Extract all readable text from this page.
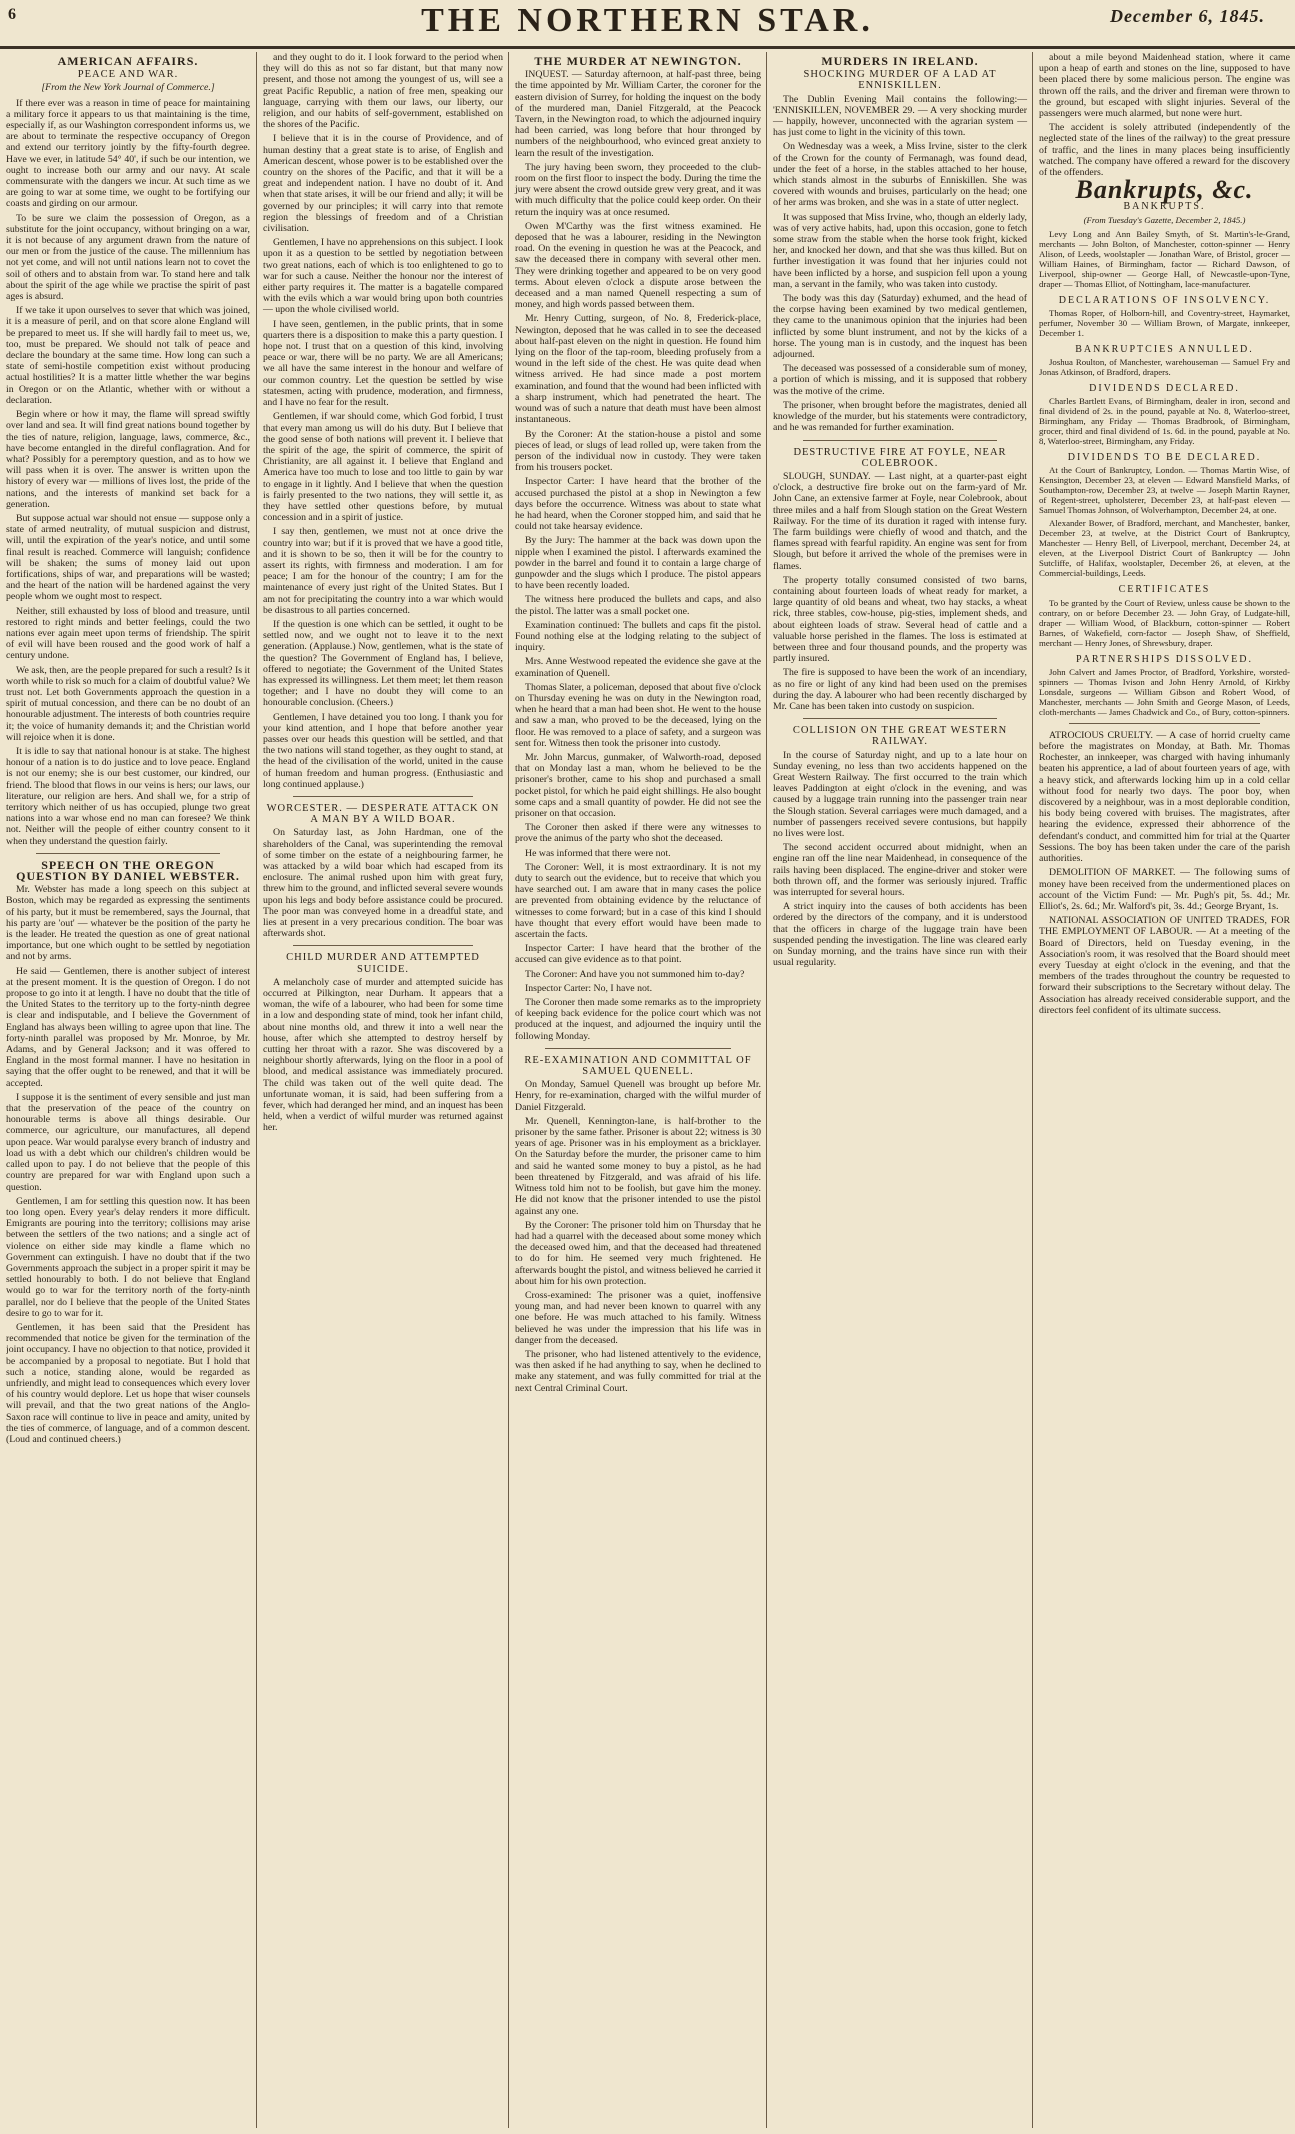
6	THE NORTHERN STAR.	December 6, 1845.
AMERICAN AFFAIRS.
PEACE AND WAR.

[From the New York Journal of Commerce.]

If there ever was a reason in time of peace for maintaining a military force it appears to us that maintaining is the time, especially if, as our Washington correspondent informs us, we are about to terminate the respective occupancy of Oregon and extend our territory jointly by the fifty-fourth degree. Have we ever, in latitude 54° 40', if such be our intention, we ought to increase both our army and our navy. At scale commensurate with the dangers we incur. At such time as we are going to war at some time, we ought to be fortifying our coasts and girding on our armour.

To be sure we claim the possession of Oregon, as a substitute for the joint occupancy, without bringing on a war, it is not because of any argument drawn from the nature of our men or from the justice of the cause. The millennium has not yet come, and will not until nations learn not to covet the soil of others and to abstain from war. To stand here and talk about the spirit of the age while we practise the spirit of past ages is absurd.

If we take it upon ourselves to sever that which was joined, it is a measure of peril, and on that score alone England will be prepared to meet us. If she will hardly fail to meet us, we, too, must be prepared. We should not talk of peace and declare the boundary at the same time. How long can such a state of semi-hostile competition exist without producing actual hostilities? It is a matter little whether the war begins in Oregon or on the Atlantic, whether with or without a declaration.

Begin where or how it may, the flame will spread swiftly over land and sea. It will find great nations bound together by the ties of nature, religion, language, laws, commerce, &c., have become entangled in the direful conflagration. And for what? Possibly for a peremptory question, and as to how we will pass when it is over. The answer is written upon the history of every war — millions of lives lost, the pride of the nations, and the interests of mankind set back for a generation.

But suppose actual war should not ensue — suppose only a state of armed neutrality, of mutual suspicion and distrust, will, until the expiration of the year's notice, and until some final result is reached. Commerce will languish; confidence will be shaken; the sums of money laid out upon fortifications, ships of war, and preparations will be wasted; and the heart of the nation will be hardened against the very people whom we ought most to respect.

Neither, still exhausted by loss of blood and treasure, until restored to right minds and better feelings, could the two nations ever again meet upon terms of friendship. The spirit of evil will have been roused and the good work of half a century undone.

We ask, then, are the people prepared for such a result? Is it worth while to risk so much for a claim of doubtful value? We trust not. Let both Governments approach the question in a spirit of mutual concession, and there can be no doubt of an honourable adjustment. The interests of both countries require it; the voice of humanity demands it; and the Christian world will rejoice when it is done.

It is idle to say that national honour is at stake. The highest honour of a nation is to do justice and to love peace. England is not our enemy; she is our best customer, our kindred, our friend. The blood that flows in our veins is hers; our laws, our literature, our religion are hers. And shall we, for a strip of territory which neither of us has occupied, plunge two great nations into a war whose end no man can foresee? We think not. Neither will the people of either country consent to it when they understand the question fairly.

SPEECH ON THE OREGON QUESTION BY DANIEL WEBSTER.

Mr. Webster has made a long speech on this subject at Boston, which may be regarded as expressing the sentiments of his party, but it must be remembered, says the Journal, that his party are 'out' — whatever be the position of the party he is the leader. He treated the question as one of great national importance, but one which ought to be settled by negotiation and not by arms.

He said — Gentlemen, there is another subject of interest at the present moment. It is the question of Oregon. I do not propose to go into it at length. I have no doubt that the title of the United States to the territory up to the forty-ninth degree is clear and indisputable, and I believe the Government of England has always been willing to agree upon that line. The forty-ninth parallel was proposed by Mr. Monroe, by Mr. Adams, and by General Jackson; and it was offered to England in the most formal manner. I have no hesitation in saying that the offer ought to be renewed, and that it will be accepted.

I suppose it is the sentiment of every sensible and just man that the preservation of the peace of the country on honourable terms is above all things desirable. Our commerce, our agriculture, our manufactures, all depend upon peace. War would paralyse every branch of industry and load us with a debt which our children's children would be called upon to pay. I do not believe that the people of this country are prepared for war with England upon such a question.

Gentlemen, I am for settling this question now. It has been too long open. Every year's delay renders it more difficult. Emigrants are pouring into the territory; collisions may arise between the settlers of the two nations; and a single act of violence on either side may kindle a flame which no Government can extinguish. I have no doubt that if the two Governments approach the subject in a proper spirit it may be settled honourably to both. I do not believe that England would go to war for the territory north of the forty-ninth parallel, nor do I believe that the people of the United States desire to go to war for it.

Gentlemen, it has been said that the President has recommended that notice be given for the termination of the joint occupancy. I have no objection to that notice, provided it be accompanied by a proposal to negotiate. But I hold that such a notice, standing alone, would be regarded as unfriendly, and might lead to consequences which every lover of his country would deplore. Let us hope that wiser counsels will prevail, and that the two great nations of the Anglo-Saxon race will continue to live in peace and amity, united by the ties of commerce, of language, and of a common descent. (Loud and continued cheers.)

and they ought to do it. I look forward to the period when they will do this as not so far distant, but that many now present, and those not among the youngest of us, will see a great Pacific Republic, a nation of free men, speaking our language, carrying with them our laws, our liberty, our religion, and our habits of self-government, established on the shores of the Pacific.

I believe that it is in the course of Providence, and of human destiny that a great state is to arise, of English and American descent, whose power is to be established over the country on the shores of the Pacific, and that it will be a great and independent nation. I have no doubt of it. And when that state arises, it will be our friend and ally; it will be governed by our principles; it will carry into that remote region the blessings of freedom and of a Christian civilisation.

Gentlemen, I have no apprehensions on this subject. I look upon it as a question to be settled by negotiation between two great nations, each of which is too enlightened to go to war for such a cause. Neither the honour nor the interest of either party requires it. The matter is a bagatelle compared with the evils which a war would bring upon both countries — upon the whole civilised world.

I have seen, gentlemen, in the public prints, that in some quarters there is a disposition to make this a party question. I hope not. I trust that on a question of this kind, involving peace or war, there will be no party. We are all Americans; we all have the same interest in the honour and welfare of our common country. Let the question be settled by wise statesmen, acting with prudence, moderation, and firmness, and I have no fear for the result.

Gentlemen, if war should come, which God forbid, I trust that every man among us will do his duty. But I believe that the good sense of both nations will prevent it. I believe that the spirit of the age, the spirit of commerce, the spirit of Christianity, are all against it. I believe that England and America have too much to lose and too little to gain by war to engage in it lightly. And I believe that when the question is fairly presented to the two nations, they will settle it, as they have settled other questions before, by mutual concession and in a spirit of justice.

I say then, gentlemen, we must not at once drive the country into war; but if it is proved that we have a good title, and it is shown to be so, then it will be for the country to assert its rights, with firmness and moderation. I am for peace; I am for the honour of the country; I am for the maintenance of every just right of the United States. But I am not for precipitating the country into a war which would be disastrous to all parties concerned.

If the question is one which can be settled, it ought to be settled now, and we ought not to leave it to the next generation. (Applause.) Now, gentlemen, what is the state of the question? The Government of England has, I believe, offered to negotiate; the Government of the United States has expressed its willingness. Let them meet; let them reason together; and I have no doubt they will come to an honourable conclusion. (Cheers.)

Gentlemen, I have detained you too long. I thank you for your kind attention, and I hope that before another year passes over our heads this question will be settled, and that the two nations will stand together, as they ought to stand, at the head of the civilisation of the world, united in the cause of human freedom and human progress. (Enthusiastic and long continued applause.)

WORCESTER. — DESPERATE ATTACK ON A MAN BY A WILD BOAR.

On Saturday last, as John Hardman, one of the shareholders of the Canal, was superintending the removal of some timber on the estate of a neighbouring farmer, he was attacked by a wild boar which had escaped from its enclosure. The animal rushed upon him with great fury, threw him to the ground, and inflicted several severe wounds upon his legs and body before assistance could be procured. The poor man was conveyed home in a dreadful state, and lies at present in a very precarious condition. The boar was afterwards shot.

CHILD MURDER AND ATTEMPTED SUICIDE.

A melancholy case of murder and attempted suicide has occurred at Pilkington, near Durham. It appears that a woman, the wife of a labourer, who had been for some time in a low and desponding state of mind, took her infant child, about nine months old, and threw it into a well near the house, after which she attempted to destroy herself by cutting her throat with a razor. She was discovered by a neighbour shortly afterwards, lying on the floor in a pool of blood, and medical assistance was immediately procured. The child was taken out of the well quite dead. The unfortunate woman, it is said, had been suffering from a fever, which had deranged her mind, and an inquest has been held, when a verdict of wilful murder was returned against her.

THE MURDER AT NEWINGTON.

INQUEST. — Saturday afternoon, at half-past three, being the time appointed by Mr. William Carter, the coroner for the eastern division of Surrey, for holding the inquest on the body of the murdered man, Daniel Fitzgerald, at the Peacock Tavern, in the Newington road, to which the adjourned inquiry had been carried, was long before that hour thronged by numbers of the neighbourhood, who evinced great anxiety to learn the result of the investigation.

The jury having been sworn, they proceeded to the club-room on the first floor to inspect the body. During the time the jury were absent the crowd outside grew very great, and it was with much difficulty that the police could keep order. On their return the inquiry was at once resumed.

Owen M'Carthy was the first witness examined. He deposed that he was a labourer, residing in the Newington road. On the evening in question he was at the Peacock, and saw the deceased there in company with several other men. They were drinking together and appeared to be on very good terms. About eleven o'clock a dispute arose between the deceased and a man named Quenell respecting a sum of money, and high words passed between them.

Mr. Henry Cutting, surgeon, of No. 8, Frederick-place, Newington, deposed that he was called in to see the deceased about half-past eleven on the night in question. He found him lying on the floor of the tap-room, bleeding profusely from a wound in the left side of the chest. He was quite dead when witness arrived. He had since made a post mortem examination, and found that the wound had been inflicted with a sharp instrument, which had penetrated the heart. The wound was of such a nature that death must have been almost instantaneous.

By the Coroner: At the station-house a pistol and some pieces of lead, or slugs of lead rolled up, were taken from the person of the individual now in custody. They were taken from his trousers pocket.

Inspector Carter: I have heard that the brother of the accused purchased the pistol at a shop in Newington a few days before the occurrence. Witness was about to state what he had heard, when the Coroner stopped him, and said that he could not take hearsay evidence.

By the Jury: The hammer at the back was down upon the nipple when I examined the pistol. I afterwards examined the powder in the barrel and found it to contain a large charge of gunpowder and the slugs which I produce. The pistol appears to have been recently loaded.

The witness here produced the bullets and caps, and also the pistol. The latter was a small pocket one.

Examination continued: The bullets and caps fit the pistol. Found nothing else at the lodging relating to the subject of inquiry.

Mrs. Anne Westwood repeated the evidence she gave at the examination of Quenell.

Thomas Slater, a policeman, deposed that about five o'clock on Thursday evening he was on duty in the Newington road, when he heard that a man had been shot. He went to the house and saw a man, who proved to be the deceased, lying on the floor. He was removed to a place of safety, and a surgeon was sent for. Witness then took the prisoner into custody.

Mr. John Marcus, gunmaker, of Walworth-road, deposed that on Monday last a man, whom he believed to be the prisoner's brother, came to his shop and purchased a small pocket pistol, for which he paid eight shillings. He also bought some caps and a small quantity of powder. He did not see the prisoner on that occasion.

The Coroner then asked if there were any witnesses to prove the animus of the party who shot the deceased.

He was informed that there were not.

The Coroner: Well, it is most extraordinary. It is not my duty to search out the evidence, but to receive that which you have searched out. I am aware that in many cases the police are prevented from obtaining evidence by the reluctance of witnesses to come forward; but in a case of this kind I should have thought that every effort would have been made to ascertain the facts.

Inspector Carter: I have heard that the brother of the accused can give evidence as to that point.

The Coroner: And have you not summoned him to-day?

Inspector Carter: No, I have not.

The Coroner then made some remarks as to the impropriety of keeping back evidence for the police court which was not produced at the inquest, and adjourned the inquiry until the following Monday.

RE-EXAMINATION AND COMMITTAL OF SAMUEL QUENELL.

On Monday, Samuel Quenell was brought up before Mr. Henry, for re-examination, charged with the wilful murder of Daniel Fitzgerald.

Mr. Quenell, Kennington-lane, is half-brother to the prisoner by the same father. Prisoner is about 22; witness is 30 years of age. Prisoner was in his employment as a bricklayer. On the Saturday before the murder, the prisoner came to him and said he wanted some money to buy a pistol, as he had been threatened by Fitzgerald, and was afraid of his life. Witness told him not to be foolish, but gave him the money. He did not know that the prisoner intended to use the pistol against any one.

By the Coroner: The prisoner told him on Thursday that he had had a quarrel with the deceased about some money which the deceased owed him, and that the deceased had threatened to do for him. He seemed very much frightened. He afterwards bought the pistol, and witness believed he carried it about him for his own protection.

Cross-examined: The prisoner was a quiet, inoffensive young man, and had never been known to quarrel with any one before. He was much attached to his family. Witness believed he was under the impression that his life was in danger from the deceased.

The prisoner, who had listened attentively to the evidence, was then asked if he had anything to say, when he declined to make any statement, and was fully committed for trial at the next Central Criminal Court.

MURDERS IN IRELAND.
SHOCKING MURDER OF A LAD AT ENNISKILLEN.

The Dublin Evening Mail contains the following:— 'ENNISKILLEN, NOVEMBER 29. — A very shocking murder — happily, however, unconnected with the agrarian system — has just come to light in the vicinity of this town.

On Wednesday was a week, a Miss Irvine, sister to the clerk of the Crown for the county of Fermanagh, was found dead, under the feet of a horse, in the stables attached to her house, which stands almost in the suburbs of Enniskillen. She was covered with wounds and bruises, particularly on the head; one of her arms was broken, and she was in a state of utter neglect.

It was supposed that Miss Irvine, who, though an elderly lady, was of very active habits, had, upon this occasion, gone to fetch some straw from the stable when the horse took fright, kicked her, and knocked her down, and that she was thus killed. But on further investigation it was found that her injuries could not have been inflicted by a horse, and suspicion fell upon a young man, a servant in the family, who was taken into custody.

The body was this day (Saturday) exhumed, and the head of the corpse having been examined by two medical gentlemen, they came to the unanimous opinion that the injuries had been inflicted by some blunt instrument, and not by the kicks of a horse. The young man is in custody, and the inquest has been adjourned.

The deceased was possessed of a considerable sum of money, a portion of which is missing, and it is supposed that robbery was the motive of the crime.

The prisoner, when brought before the magistrates, denied all knowledge of the murder, but his statements were contradictory, and he was remanded for further examination.

DESTRUCTIVE FIRE AT FOYLE, NEAR COLEBROOK.

SLOUGH, SUNDAY. — Last night, at a quarter-past eight o'clock, a destructive fire broke out on the farm-yard of Mr. John Cane, an extensive farmer at Foyle, near Colebrook, about three miles and a half from Slough station on the Great Western Railway. For the time of its duration it raged with intense fury. The farm buildings were chiefly of wood and thatch, and the flames spread with fearful rapidity. An engine was sent for from Slough, but before it arrived the whole of the premises were in flames.

The property totally consumed consisted of two barns, containing about fourteen loads of wheat ready for market, a large quantity of old beans and wheat, two hay stacks, a wheat rick, three stables, cow-house, pig-sties, implement sheds, and about eighteen loads of straw. Several head of cattle and a valuable horse perished in the flames. The loss is estimated at between three and four thousand pounds, and the property was partly insured.

The fire is supposed to have been the work of an incendiary, as no fire or light of any kind had been used on the premises during the day. A labourer who had been recently discharged by Mr. Cane has been taken into custody on suspicion.

COLLISION ON THE GREAT WESTERN RAILWAY.

In the course of Saturday night, and up to a late hour on Sunday evening, no less than two accidents happened on the Great Western Railway. The first occurred to the train which leaves Paddington at eight o'clock in the evening, and was caused by a luggage train running into the passenger train near the Slough station. Several carriages were much damaged, and a number of passengers received severe contusions, but happily no lives were lost.

The second accident occurred about midnight, when an engine ran off the line near Maidenhead, in consequence of the rails having been displaced. The engine-driver and stoker were both thrown off, and the former was seriously injured. Traffic was interrupted for several hours.

A strict inquiry into the causes of both accidents has been ordered by the directors of the company, and it is understood that the officers in charge of the luggage train have been suspended pending the investigation. The line was cleared early on Sunday morning, and the trains have since run with their usual regularity.

about a mile beyond Maidenhead station, where it came upon a heap of earth and stones on the line, supposed to have been placed there by some malicious person. The engine was thrown off the rails, and the driver and fireman were thrown to the ground, but escaped with slight injuries. Several of the passengers were much alarmed, but none were hurt.

The accident is solely attributed (independently of the neglected state of the lines of the railway) to the great pressure of traffic, and the lines in many places being insufficiently watched. The company have offered a reward for the discovery of the offenders.

Bankrupts, &c.

BANKRUPTS.

(From Tuesday's Gazette, December 2, 1845.)

Levy Long and Ann Bailey Smyth, of St. Martin's-le-Grand, merchants — John Bolton, of Manchester, cotton-spinner — Henry Alison, of Leeds, woolstapler — Jonathan Ware, of Bristol, grocer — William Haines, of Birmingham, factor — Richard Dawson, of Liverpool, ship-owner — George Hall, of Newcastle-upon-Tyne, draper — Thomas Elliot, of Nottingham, lace-manufacturer.

DECLARATIONS OF INSOLVENCY.

Thomas Roper, of Holborn-hill, and Coventry-street, Haymarket, perfumer, November 30 — William Brown, of Margate, innkeeper, December 1.

BANKRUPTCIES ANNULLED.

Joshua Roulton, of Manchester, warehouseman — Samuel Fry and Jonas Atkinson, of Bradford, drapers.

DIVIDENDS DECLARED.

Charles Bartlett Evans, of Birmingham, dealer in iron, second and final dividend of 2s. in the pound, payable at No. 8, Waterloo-street, Birmingham, any Friday — Thomas Bradbrook, of Birmingham, grocer, third and final dividend of 1s. 6d. in the pound, payable at No. 8, Waterloo-street, Birmingham, any Friday.

DIVIDENDS TO BE DECLARED.

At the Court of Bankruptcy, London. — Thomas Martin Wise, of Kensington, December 23, at eleven — Edward Mansfield Marks, of Southampton-row, December 23, at twelve — Joseph Martin Rayner, of Regent-street, upholsterer, December 23, at half-past eleven — Samuel Thomas Johnson, of Wolverhampton, December 24, at one.

Alexander Bower, of Bradford, merchant, and Manchester, banker, December 23, at twelve, at the District Court of Bankruptcy, Manchester — Henry Bell, of Liverpool, merchant, December 24, at eleven, at the Liverpool District Court of Bankruptcy — John Sutcliffe, of Halifax, woolstapler, December 26, at eleven, at the Commercial-buildings, Leeds.

CERTIFICATES

To be granted by the Court of Review, unless cause be shown to the contrary, on or before December 23. — John Gray, of Ludgate-hill, draper — William Wood, of Blackburn, cotton-spinner — Robert Barnes, of Wakefield, corn-factor — Joseph Shaw, of Sheffield, merchant — Henry Jones, of Shrewsbury, draper.

PARTNERSHIPS DISSOLVED.

John Calvert and James Proctor, of Bradford, Yorkshire, worsted-spinners — Thomas Ivison and John Henry Arnold, of Kirkby Lonsdale, surgeons — William Gibson and Robert Wood, of Manchester, merchants — John Smith and George Mason, of Leeds, cloth-merchants — James Chadwick and Co., of Bury, cotton-spinners.

ATROCIOUS CRUELTY. — A case of horrid cruelty came before the magistrates on Monday, at Bath. Mr. Thomas Rochester, an innkeeper, was charged with having inhumanly beaten his apprentice, a lad of about fourteen years of age, with a heavy stick, and afterwards locking him up in a cold cellar without food for nearly two days. The poor boy, when discovered by a neighbour, was in a most deplorable condition, his body being covered with bruises. The magistrates, after hearing the evidence, expressed their abhorrence of the defendant's conduct, and committed him for trial at the Quarter Sessions. The boy has been taken under the care of the parish authorities.

DEMOLITION OF MARKET. — The following sums of money have been received from the undermentioned places on account of the Victim Fund: — Mr. Pugh's pit, 5s. 4d.; Mr. Elliot's, 2s. 6d.; Mr. Walford's pit, 3s. 4d.; George Bryant, 1s.

NATIONAL ASSOCIATION OF UNITED TRADES, FOR THE EMPLOYMENT OF LABOUR. — At a meeting of the Board of Directors, held on Tuesday evening, in the Association's room, it was resolved that the Board should meet every Tuesday at eight o'clock in the evening, and that the members of the trades throughout the country be requested to forward their subscriptions to the Secretary without delay. The Association has already received considerable support, and the directors feel confident of its ultimate success.
